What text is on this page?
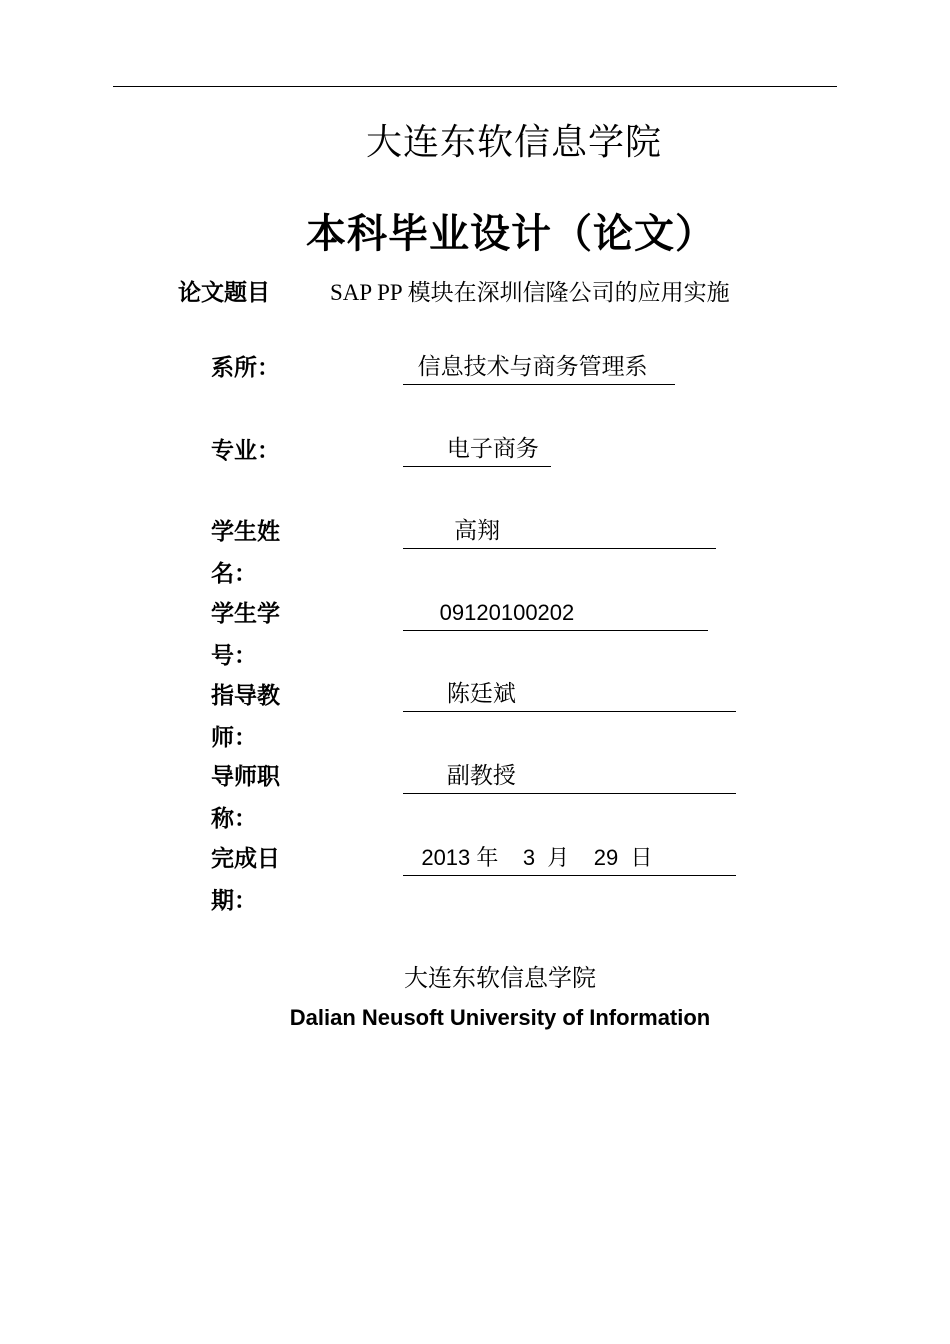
大连东软信息学院
本科毕业设计（论文）
论文题目	SAP PP 模块在深圳信隆公司的应用实施
系所：	信息技术与商务管理系
专业：	电子商务
学生姓名：
高翔
学生学号：
09120100202
指导教师：
陈廷斌
导师职称：
副教授
完成日期：
2013 年    3  月    29  日
大连东软信息学院
Dalian Neusoft University of Information
